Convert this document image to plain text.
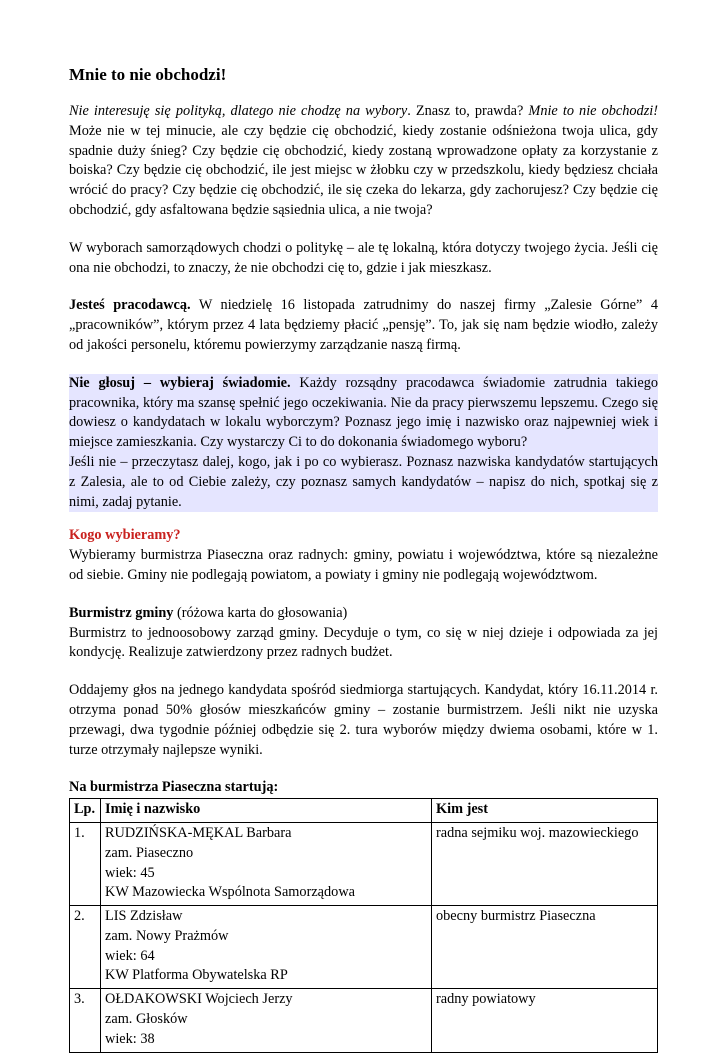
Mnie to nie obchodzi!

Nie interesuję się polityką, dlatego nie chodzę na wybory. Znasz to, prawda? Mnie to nie obchodzi! Może nie w tej minucie, ale czy będzie cię obchodzić, kiedy zostanie odśnieżona twoja ulica, gdy spadnie duży śnieg? Czy będzie cię obchodzić, kiedy zostaną wprowadzone opłaty za korzystanie z boiska? Czy będzie cię obchodzić, ile jest miejsc w żłobku czy w przedszkolu, kiedy będziesz chciała wrócić do pracy? Czy będzie cię obchodzić, ile się czeka do lekarza, gdy zachorujesz? Czy będzie cię obchodzić, gdy asfaltowana będzie sąsiednia ulica, a nie twoja?

W wyborach samorządowych chodzi o politykę – ale tę lokalną, która dotyczy twojego życia. Jeśli cię ona nie obchodzi, to znaczy, że nie obchodzi cię to, gdzie i jak mieszkasz.

Jesteś pracodawcą. W niedzielę 16 listopada zatrudnimy do naszej firmy „Zalesie Górne” 4 „pracowników”, którym przez 4 lata będziemy płacić „pensję”. To, jak się nam będzie wiodło, zależy od jakości personelu, któremu powierzymy zarządzanie naszą firmą.

Nie głosuj – wybieraj świadomie. Każdy rozsądny pracodawca świadomie zatrudnia takiego pracownika, który ma szansę spełnić jego oczekiwania. Nie da pracy pierwszemu lepszemu. Czego się dowiesz o kandydatach w lokalu wyborczym? Poznasz jego imię i nazwisko oraz najpewniej wiek i miejsce zamieszkania. Czy wystarczy Ci to do dokonania świadomego wyboru?

Jeśli nie – przeczytasz dalej, kogo, jak i po co wybierasz. Poznasz nazwiska kandydatów startujących z Zalesia, ale to od Ciebie zależy, czy poznasz samych kandydatów – napisz do nich, spotkaj się z nimi, zadaj pytanie.

Kogo wybieramy?

Wybieramy burmistrza Piaseczna oraz radnych: gminy, powiatu i województwa, które są niezależne od siebie. Gminy nie podlegają powiatom, a powiaty i gminy nie podlegają województwom.

Burmistrz gminy (różowa karta do głosowania)

Burmistrz to jednoosobowy zarząd gminy. Decyduje o tym, co się w niej dzieje i odpowiada za jej kondycję. Realizuje zatwierdzony przez radnych budżet.

Oddajemy głos na jednego kandydata spośród siedmiorga startujących. Kandydat, który 16.11.2014 r. otrzyma ponad 50% głosów mieszkańców gminy – zostanie burmistrzem. Jeśli nikt nie uzyska przewagi, dwa tygodnie później odbędzie się 2. tura wyborów między dwiema osobami, które w 1. turze otrzymały najlepsze wyniki.

Na burmistrza Piaseczna startują:
Lp.	Imię i nazwisko	Kim jest
1.	RUDZIŃSKA-MĘKAL Barbara
zam. Piaseczno
wiek: 45
KW Mazowiecka Wspólnota Samorządowa	radna sejmiku woj. mazowieckiego
2.	LIS Zdzisław
zam. Nowy Prażmów
wiek: 64
KW Platforma Obywatelska RP	obecny burmistrz Piaseczna
3.	OŁDAKOWSKI Wojciech Jerzy
zam. Głosków
wiek: 38	radny powiatowy
